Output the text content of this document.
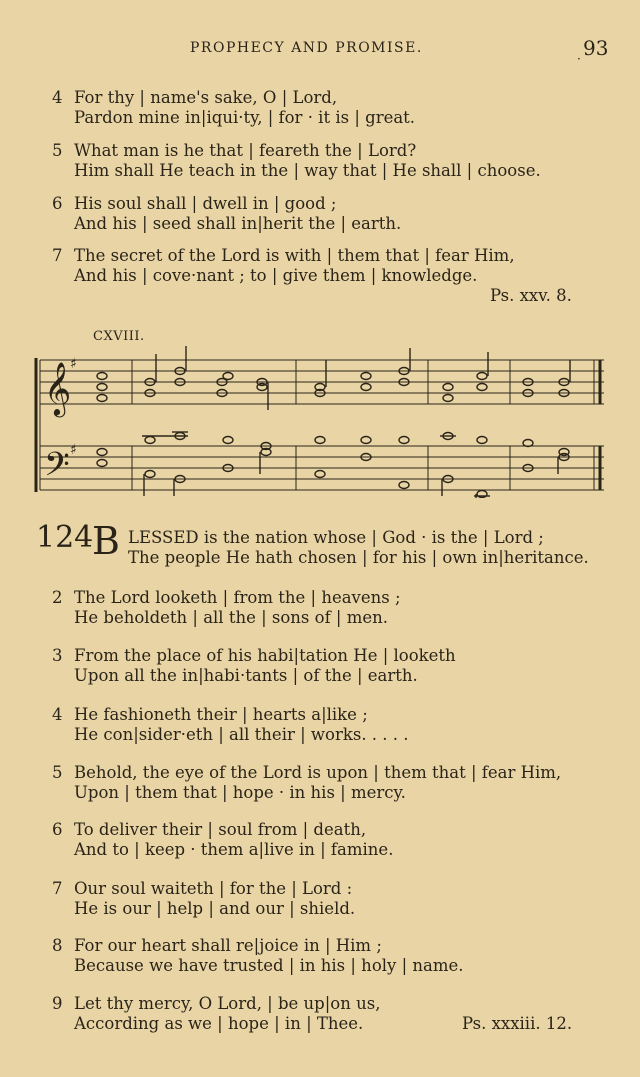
PROPHECY AND PROMISE.
· 93
4 For thy | name's sake, O | Lord,
Pardon mine in|iqui·ty, | for · it is | great.
5 What man is he that | feareth the | Lord?
Him shall He teach in the | way that | He shall | choose.
6 His soul shall | dwell in | good ;
And his | seed shall in|herit the | earth.
7 The secret of the Lord is with | them that | fear Him,
And his | cove·nant ; to | give them | knowledge.
Ps. xxv. 8.
CXVIII.
𝄞
𝄢
♯
♯
124
B LESSED is the nation whose | God · is the | Lord ;
The people He hath chosen | for his | own in|heritance.
2 The Lord looketh | from the | heavens ;
He beholdeth | all the | sons of | men.
3 From the place of his habi|tation He | looketh
Upon all the in|habi·tants | of the | earth.
4 He fashioneth their | hearts a|like ;
He con|sider·eth | all their | works. . . . .
5 Behold, the eye of the Lord is upon | them that | fear Him,
Upon | them that | hope · in his | mercy.
6 To deliver their | soul from | death,
And to | keep · them a|live in | famine.
7 Our soul waiteth | for the | Lord :
He is our | help | and our | shield.
8 For our heart shall re|joice in | Him ;
Because we have trusted | in his | holy | name.
9 Let thy mercy, O Lord, | be up|on us,
According as we | hope | in | Thee.	Ps. xxxiii. 12.
